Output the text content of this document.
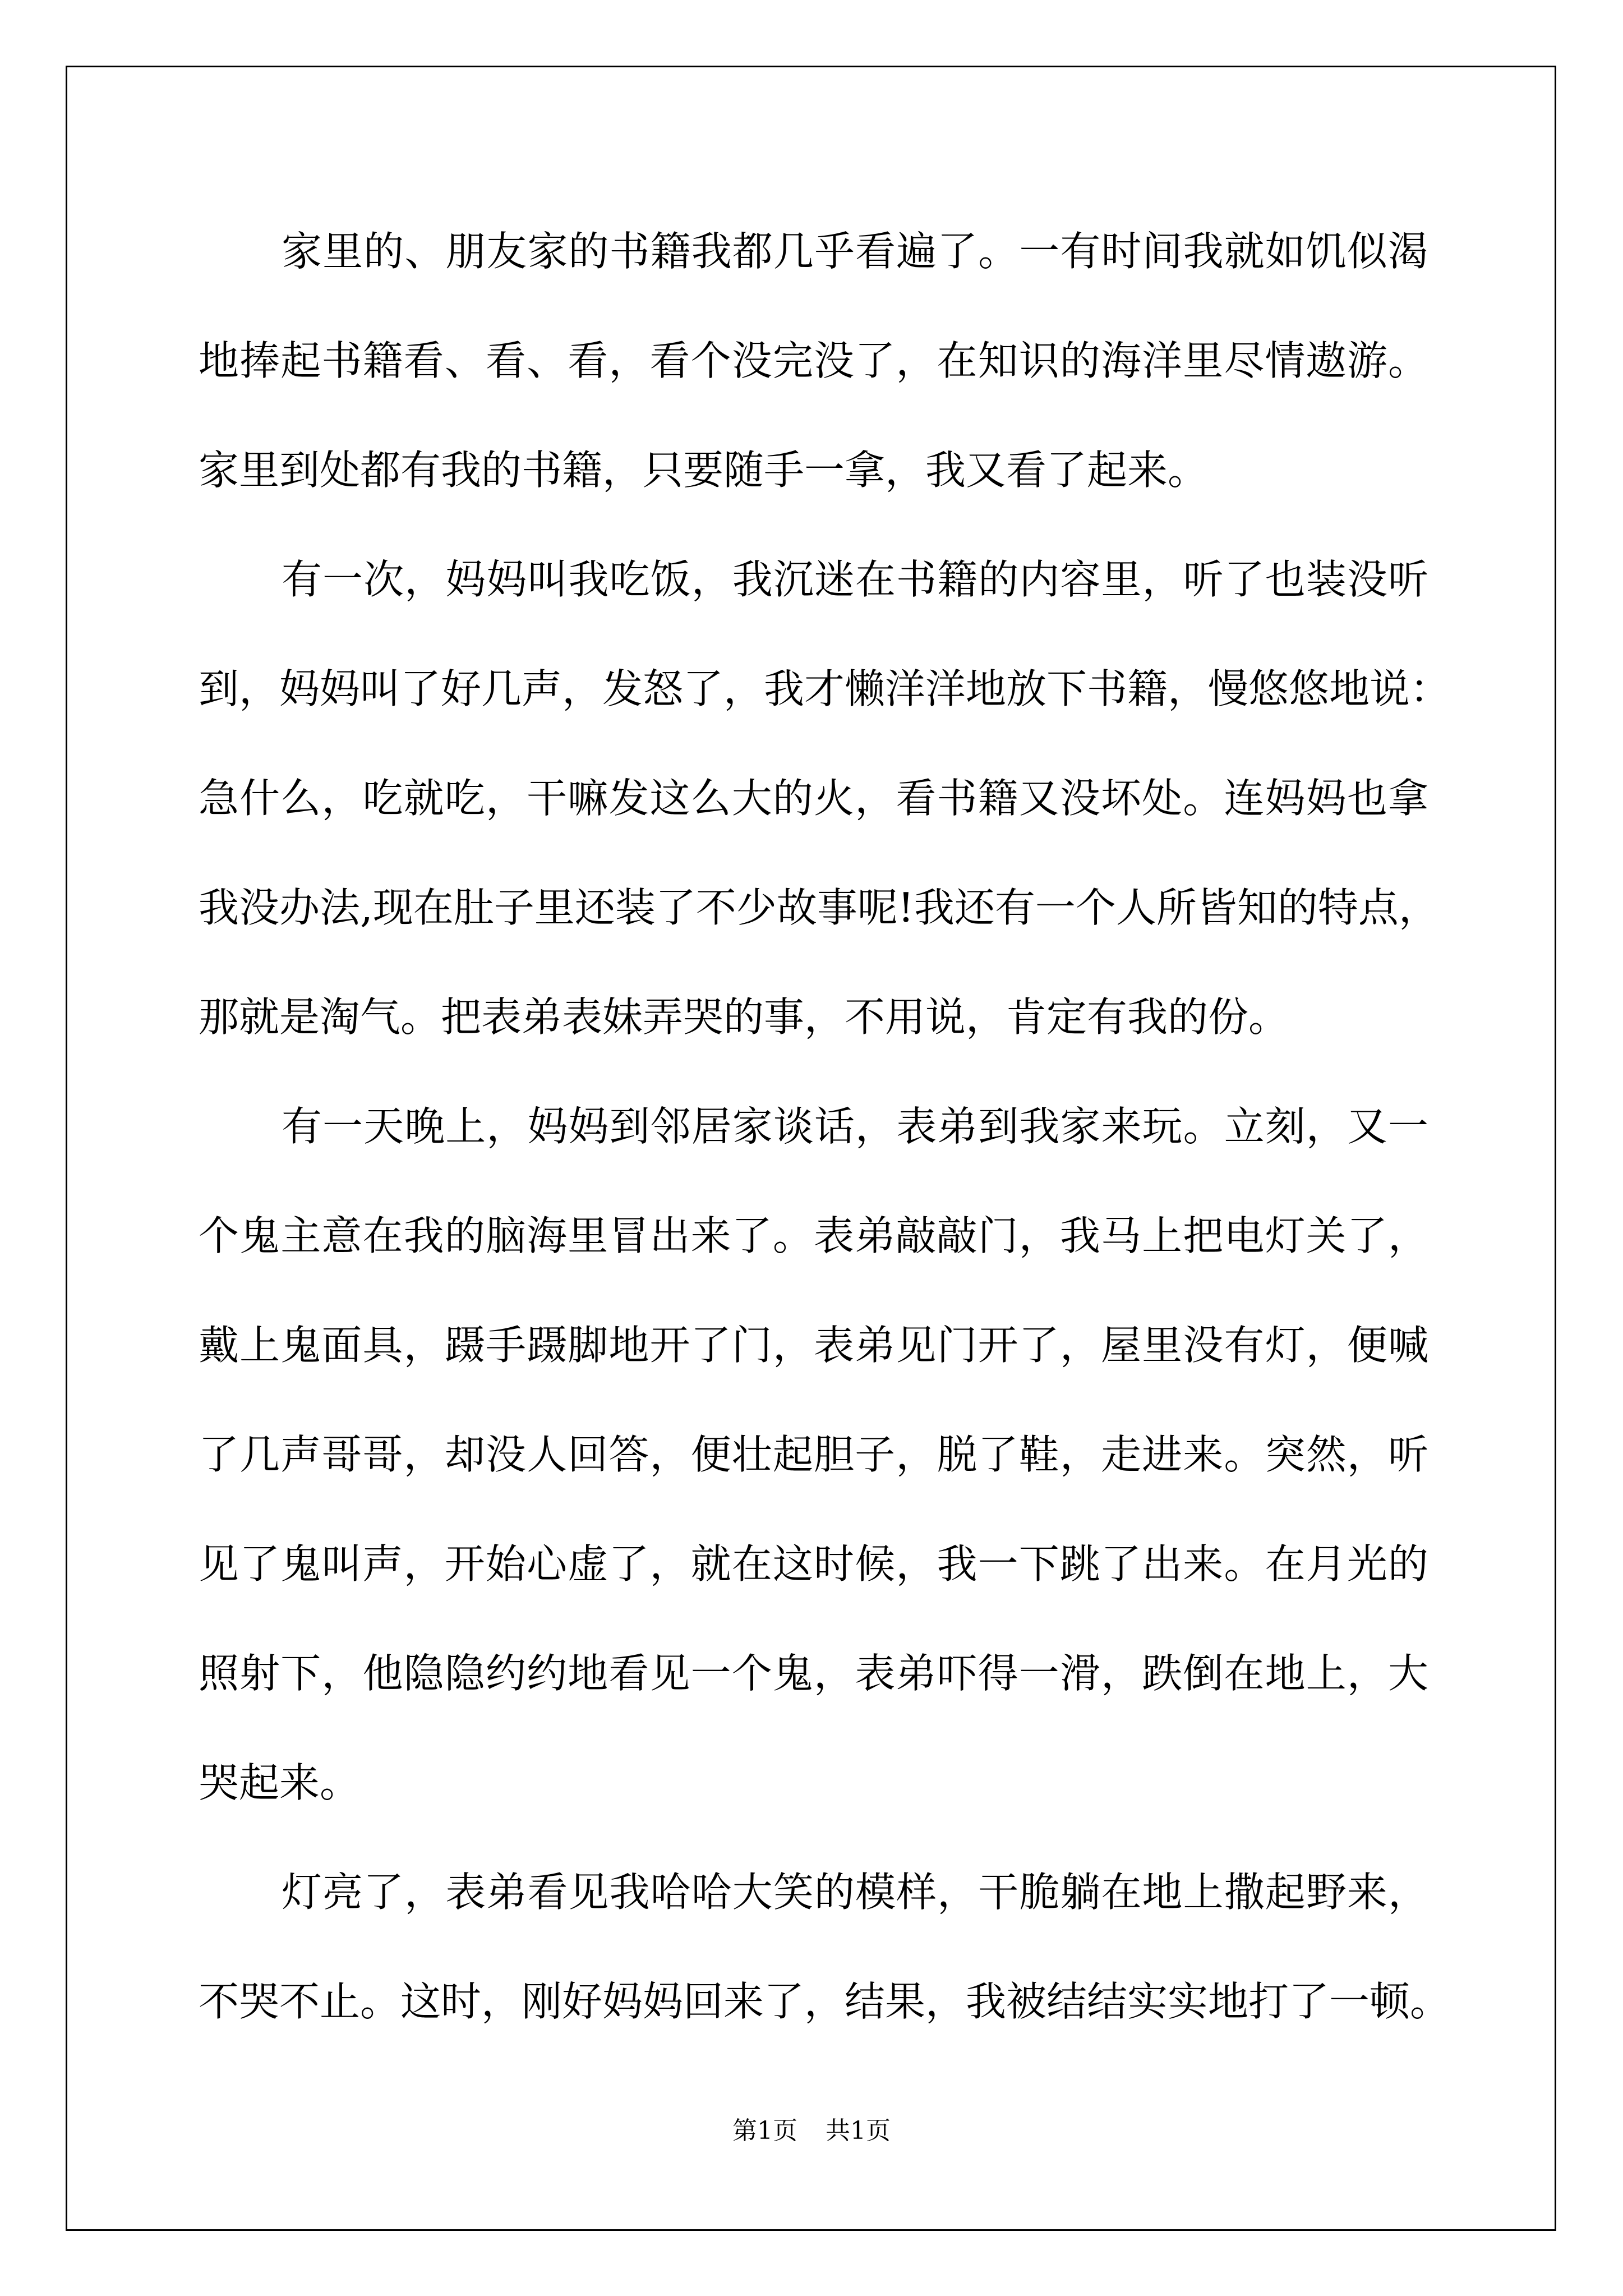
家里的、朋友家的书籍我都几乎看遍了。一有时间我就如饥似渴
地捧起书籍看、看、看，看个没完没了，在知识的海洋里尽情遨游。
家里到处都有我的书籍，只要随手一拿，我又看了起来。
有一次，妈妈叫我吃饭，我沉迷在书籍的内容里，听了也装没听
到，妈妈叫了好几声，发怒了，我才懒洋洋地放下书籍，慢悠悠地说：
急什么，吃就吃，干嘛发这么大的火，看书籍又没坏处。连妈妈也拿
我没办法,现在肚子里还装了不少故事呢!我还有一个人所皆知的特点，
那就是淘气。把表弟表妹弄哭的事，不用说，肯定有我的份。
有一天晚上，妈妈到邻居家谈话，表弟到我家来玩。立刻，又一
个鬼主意在我的脑海里冒出来了。表弟敲敲门，我马上把电灯关了，
戴上鬼面具，蹑手蹑脚地开了门，表弟见门开了，屋里没有灯，便喊
了几声哥哥，却没人回答，便壮起胆子，脱了鞋，走进来。突然，听
见了鬼叫声，开始心虚了，就在这时候，我一下跳了出来。在月光的
照射下，他隐隐约约地看见一个鬼，表弟吓得一滑，跌倒在地上，大
哭起来。
灯亮了，表弟看见我哈哈大笑的模样，干脆躺在地上撒起野来，
不哭不止。这时，刚好妈妈回来了，结果，我被结结实实地打了一顿。
第1页 共1页
